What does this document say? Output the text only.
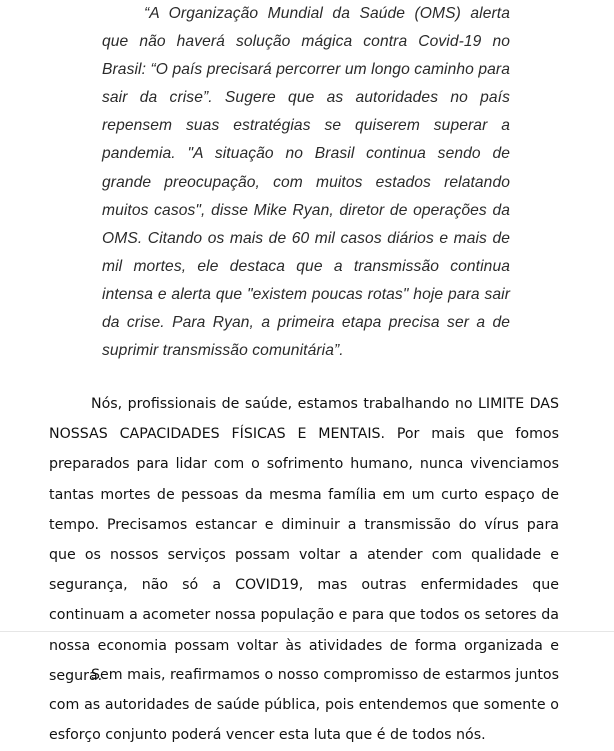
“A Organização Mundial da Saúde (OMS) alerta que não haverá solução mágica contra Covid-19 no Brasil: “O país precisará percorrer um longo caminho para sair da crise”. Sugere que as autoridades no país repensem suas estratégias se quiserem superar a pandemia. "A situação no Brasil continua sendo de grande preocupação, com muitos estados relatando muitos casos", disse Mike Ryan, diretor de operações da OMS. Citando os mais de 60 mil casos diários e mais de mil mortes, ele destaca que a transmissão continua intensa e alerta que "existem poucas rotas" hoje para sair da crise. Para Ryan, a primeira etapa precisa ser a de suprimir transmissão comunitária”.
Nós, profissionais de saúde, estamos trabalhando no LIMITE DAS NOSSAS CAPACIDADES FÍSICAS E MENTAIS. Por mais que fomos preparados para lidar com o sofrimento humano, nunca vivenciamos tantas mortes de pessoas da mesma família em um curto espaço de tempo. Precisamos estancar e diminuir a transmissão do vírus para que os nossos serviços possam voltar a atender com qualidade e segurança, não só a COVID19, mas outras enfermidades que continuam a acometer nossa população e para que todos os setores da nossa economia possam voltar às atividades de forma organizada e segura.
Sem mais, reafirmamos o nosso compromisso de estarmos juntos com as autoridades de saúde pública, pois entendemos que somente o esforço conjunto poderá vencer esta luta que é de todos nós.
